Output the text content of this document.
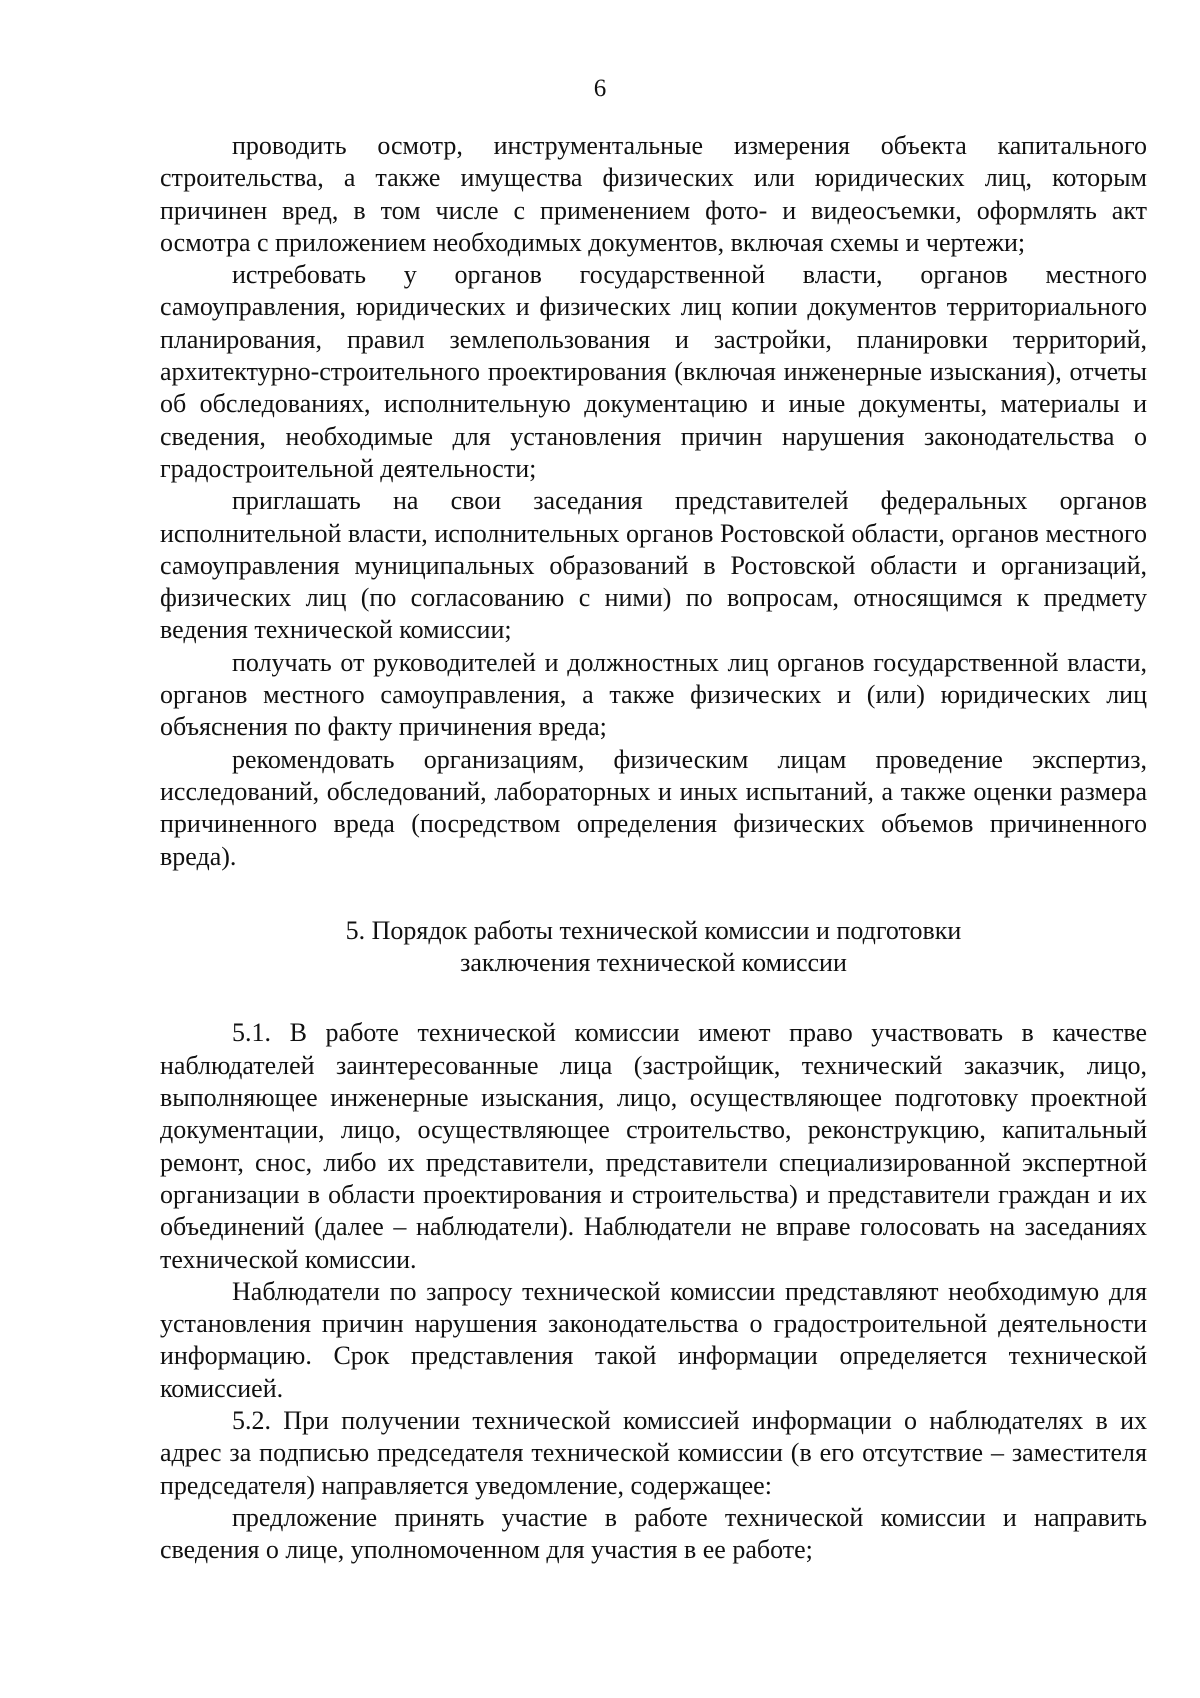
6

проводить осмотр, инструментальные измерения объекта капитального строительства, а также имущества физических или юридических лиц, которым причинен вред, в том числе с применением фото- и видеосъемки, оформлять акт осмотра с приложением необходимых документов, включая схемы и чертежи;

истребовать у органов государственной власти, органов местного самоуправления, юридических и физических лиц копии документов территориального планирования, правил землепользования и застройки, планировки территорий, архитектурно-строительного проектирования (включая инженерные изыскания), отчеты об обследованиях, исполнительную документацию и иные документы, материалы и сведения, необходимые для установления причин нарушения законодательства о градостроительной деятельности;

приглашать на свои заседания представителей федеральных органов исполнительной власти, исполнительных органов Ростовской области, органов местного самоуправления муниципальных образований в Ростовской области и организаций, физических лиц (по согласованию с ними) по вопросам, относящимся к предмету ведения технической комиссии;

получать от руководителей и должностных лиц органов государственной власти, органов местного самоуправления, а также физических и (или) юридических лиц объяснения по факту причинения вреда;

рекомендовать организациям, физическим лицам проведение экспертиз, исследований, обследований, лабораторных и иных испытаний, а также оценки размера причиненного вреда (посредством определения физических объемов причиненного вреда).

5. Порядок работы технической комиссии и подготовки
заключения технической комиссии

5.1. В работе технической комиссии имеют право участвовать в качестве наблюдателей заинтересованные лица (застройщик, технический заказчик, лицо, выполняющее инженерные изыскания, лицо, осуществляющее подготовку проектной документации, лицо, осуществляющее строительство, реконструкцию, капитальный ремонт, снос, либо их представители, представители специализированной экспертной организации в области проектирования и строительства) и представители граждан и их объединений (далее – наблюдатели). Наблюдатели не вправе голосовать на заседаниях технической комиссии.

Наблюдатели по запросу технической комиссии представляют необходимую для установления причин нарушения законодательства о градостроительной деятельности информацию. Срок представления такой информации определяется технической комиссией.

5.2. При получении технической комиссией информации о наблюдателях в их адрес за подписью председателя технической комиссии (в его отсутствие – заместителя председателя) направляется уведомление, содержащее:

предложение принять участие в работе технической комиссии и направить сведения о лице, уполномоченном для участия в ее работе;
